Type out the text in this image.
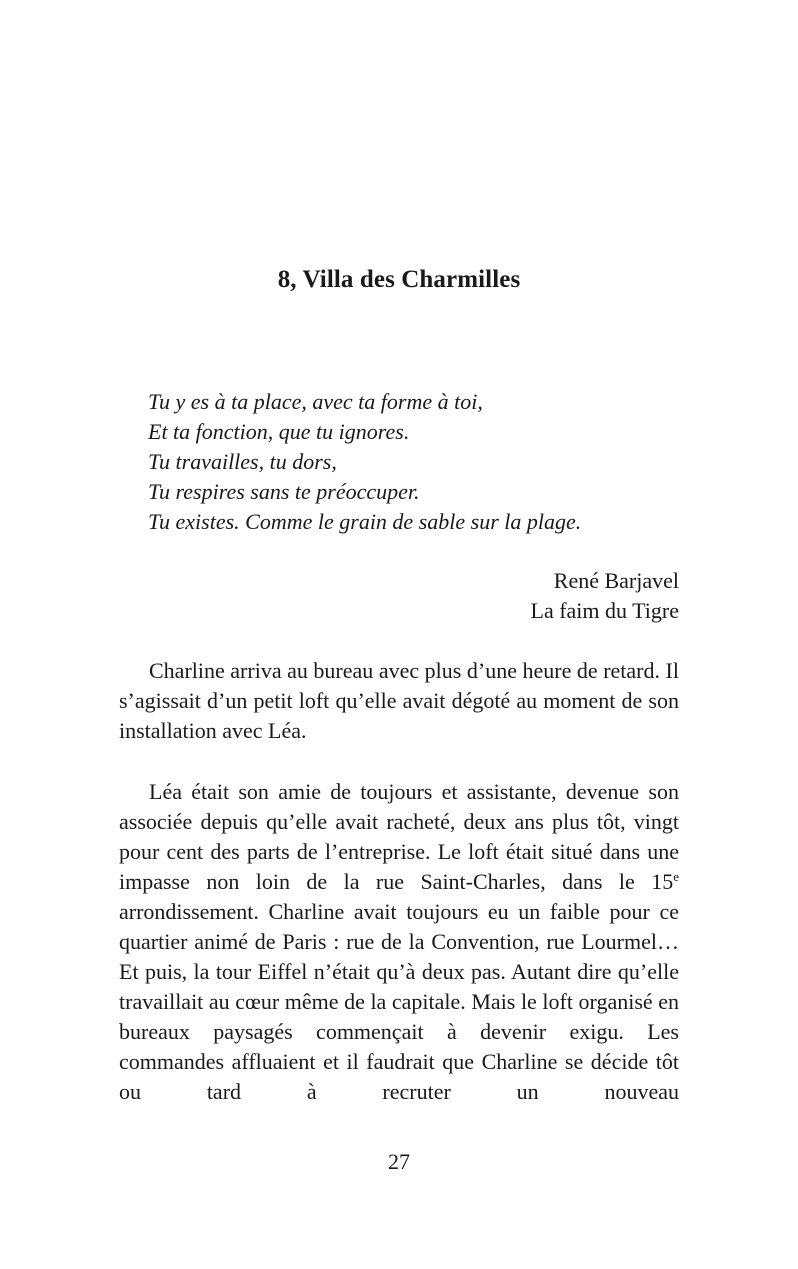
8, Villa des Charmilles
Tu y es à ta place, avec ta forme à toi,
Et ta fonction, que tu ignores.
Tu travailles, tu dors,
Tu respires sans te préoccuper.
Tu existes. Comme le grain de sable sur la plage.
René Barjavel
La faim du Tigre

Charline arriva au bureau avec plus d’une heure de retard. Il s’agissait d’un petit loft qu’elle avait dégoté au moment de son installation avec Léa.

Léa était son amie de toujours et assistante, devenue son associée depuis qu’elle avait racheté, deux ans plus tôt, vingt pour cent des parts de l’entreprise. Le loft était situé dans une impasse non loin de la rue Saint-Charles, dans le 15e arrondissement. Charline avait toujours eu un faible pour ce quartier animé de Paris : rue de la Convention, rue Lourmel… Et puis, la tour Eiffel n’était qu’à deux pas. Autant dire qu’elle travaillait au cœur même de la capitale. Mais le loft organisé en bureaux paysagés commençait à devenir exigu. Les commandes affluaient et il faudrait que Charline se décide tôt ou tard à recruter un nouveau

27
